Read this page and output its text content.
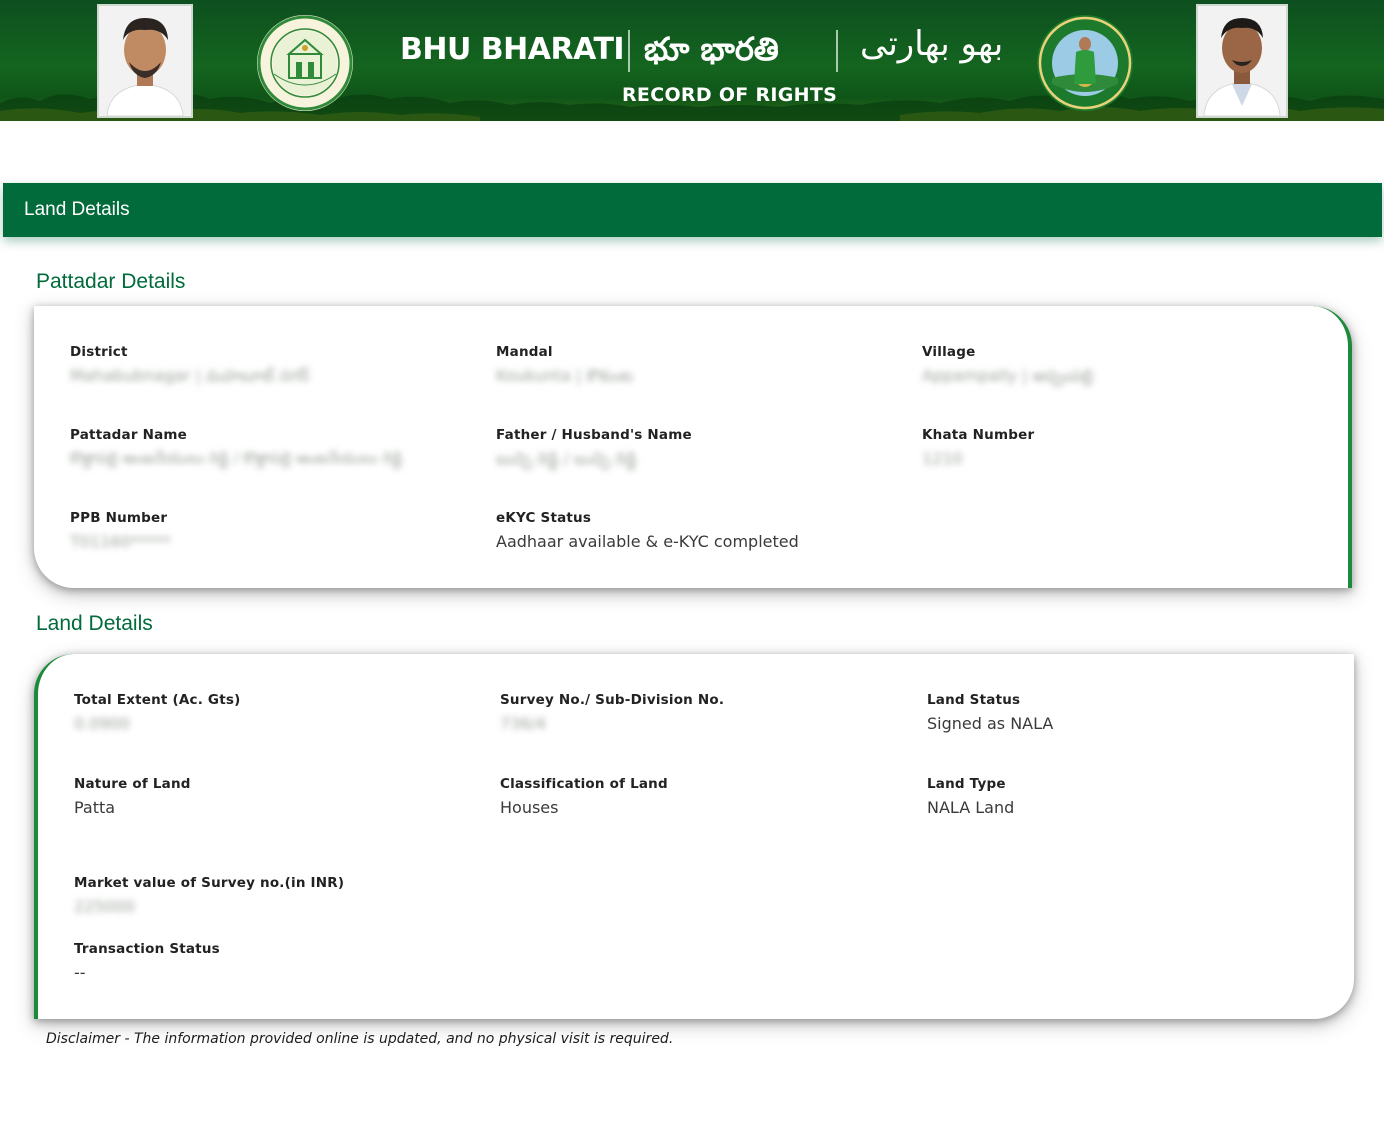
BHU BHARATI భూ భారతి بھو بھارتی
RECORD OF RIGHTS
Land Details
Pattadar Details
District
Mahabubnagar | మహబూబ్ నగర్
Mandal
Koukunta | కౌకుంట
Village
Appampally | అప్పంపల్లి
Pattadar Name
కొత్తాపల్లి ఆంజనేయులు రెడ్డి / కొత్తాపల్లి ఆంజనేయులు రెడ్డి
Father / Husband's Name
బుచ్చి రెడ్డి / బుచ్చి రెడ్డి
Khata Number
1210
PPB Number
T01160*****
eKYC Status
Aadhaar available & e-KYC completed
Land Details
Total Extent (Ac. Gts)
0.0900
Survey No./ Sub-Division No.
736/4
Land Status
Signed as NALA
Nature of Land
Patta
Classification of Land
Houses
Land Type
NALA Land
Market value of Survey no.(in INR)
225000
Transaction Status
--
Disclaimer - The information provided online is updated, and no physical visit is required.
